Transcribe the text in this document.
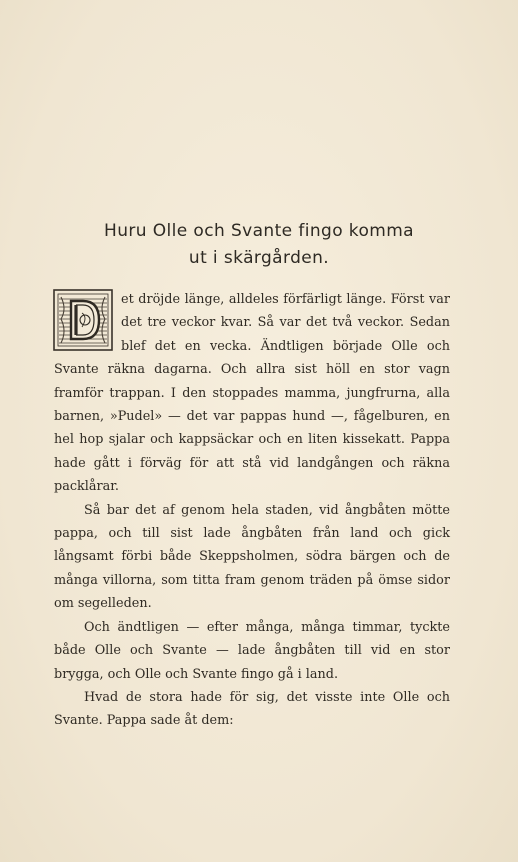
Huru Olle och Svante fingo komma
ut i skärgården.

et dröjde länge, alldeles förfärligt länge. Först var det tre veckor kvar. Så var det två veckor. Sedan blef det en vecka. Ändtligen började Olle och Svante räkna dagarna. Och allra sist höll en stor vagn framför trappan. I den stoppades mamma, jungfrurna, alla barnen, »Pudel» — det var pappas hund —, fågelburen, en hel hop sjalar och kappsäckar och en liten kissekatt. Pappa hade gått i förväg för att stå vid landgången och räkna packlårar.

Så bar det af genom hela staden, vid ångbåten mötte pappa, och till sist lade ångbåten från land och gick långsamt förbi både Skeppsholmen, södra bärgen och de många villorna, som titta fram genom träden på ömse sidor om segelleden.

Och ändtligen — efter många, många timmar, tyckte både Olle och Svante — lade ångbåten till vid en stor brygga, och Olle och Svante fingo gå i land.

Hvad de stora hade för sig, det visste inte Olle och Svante. Pappa sade åt dem:
